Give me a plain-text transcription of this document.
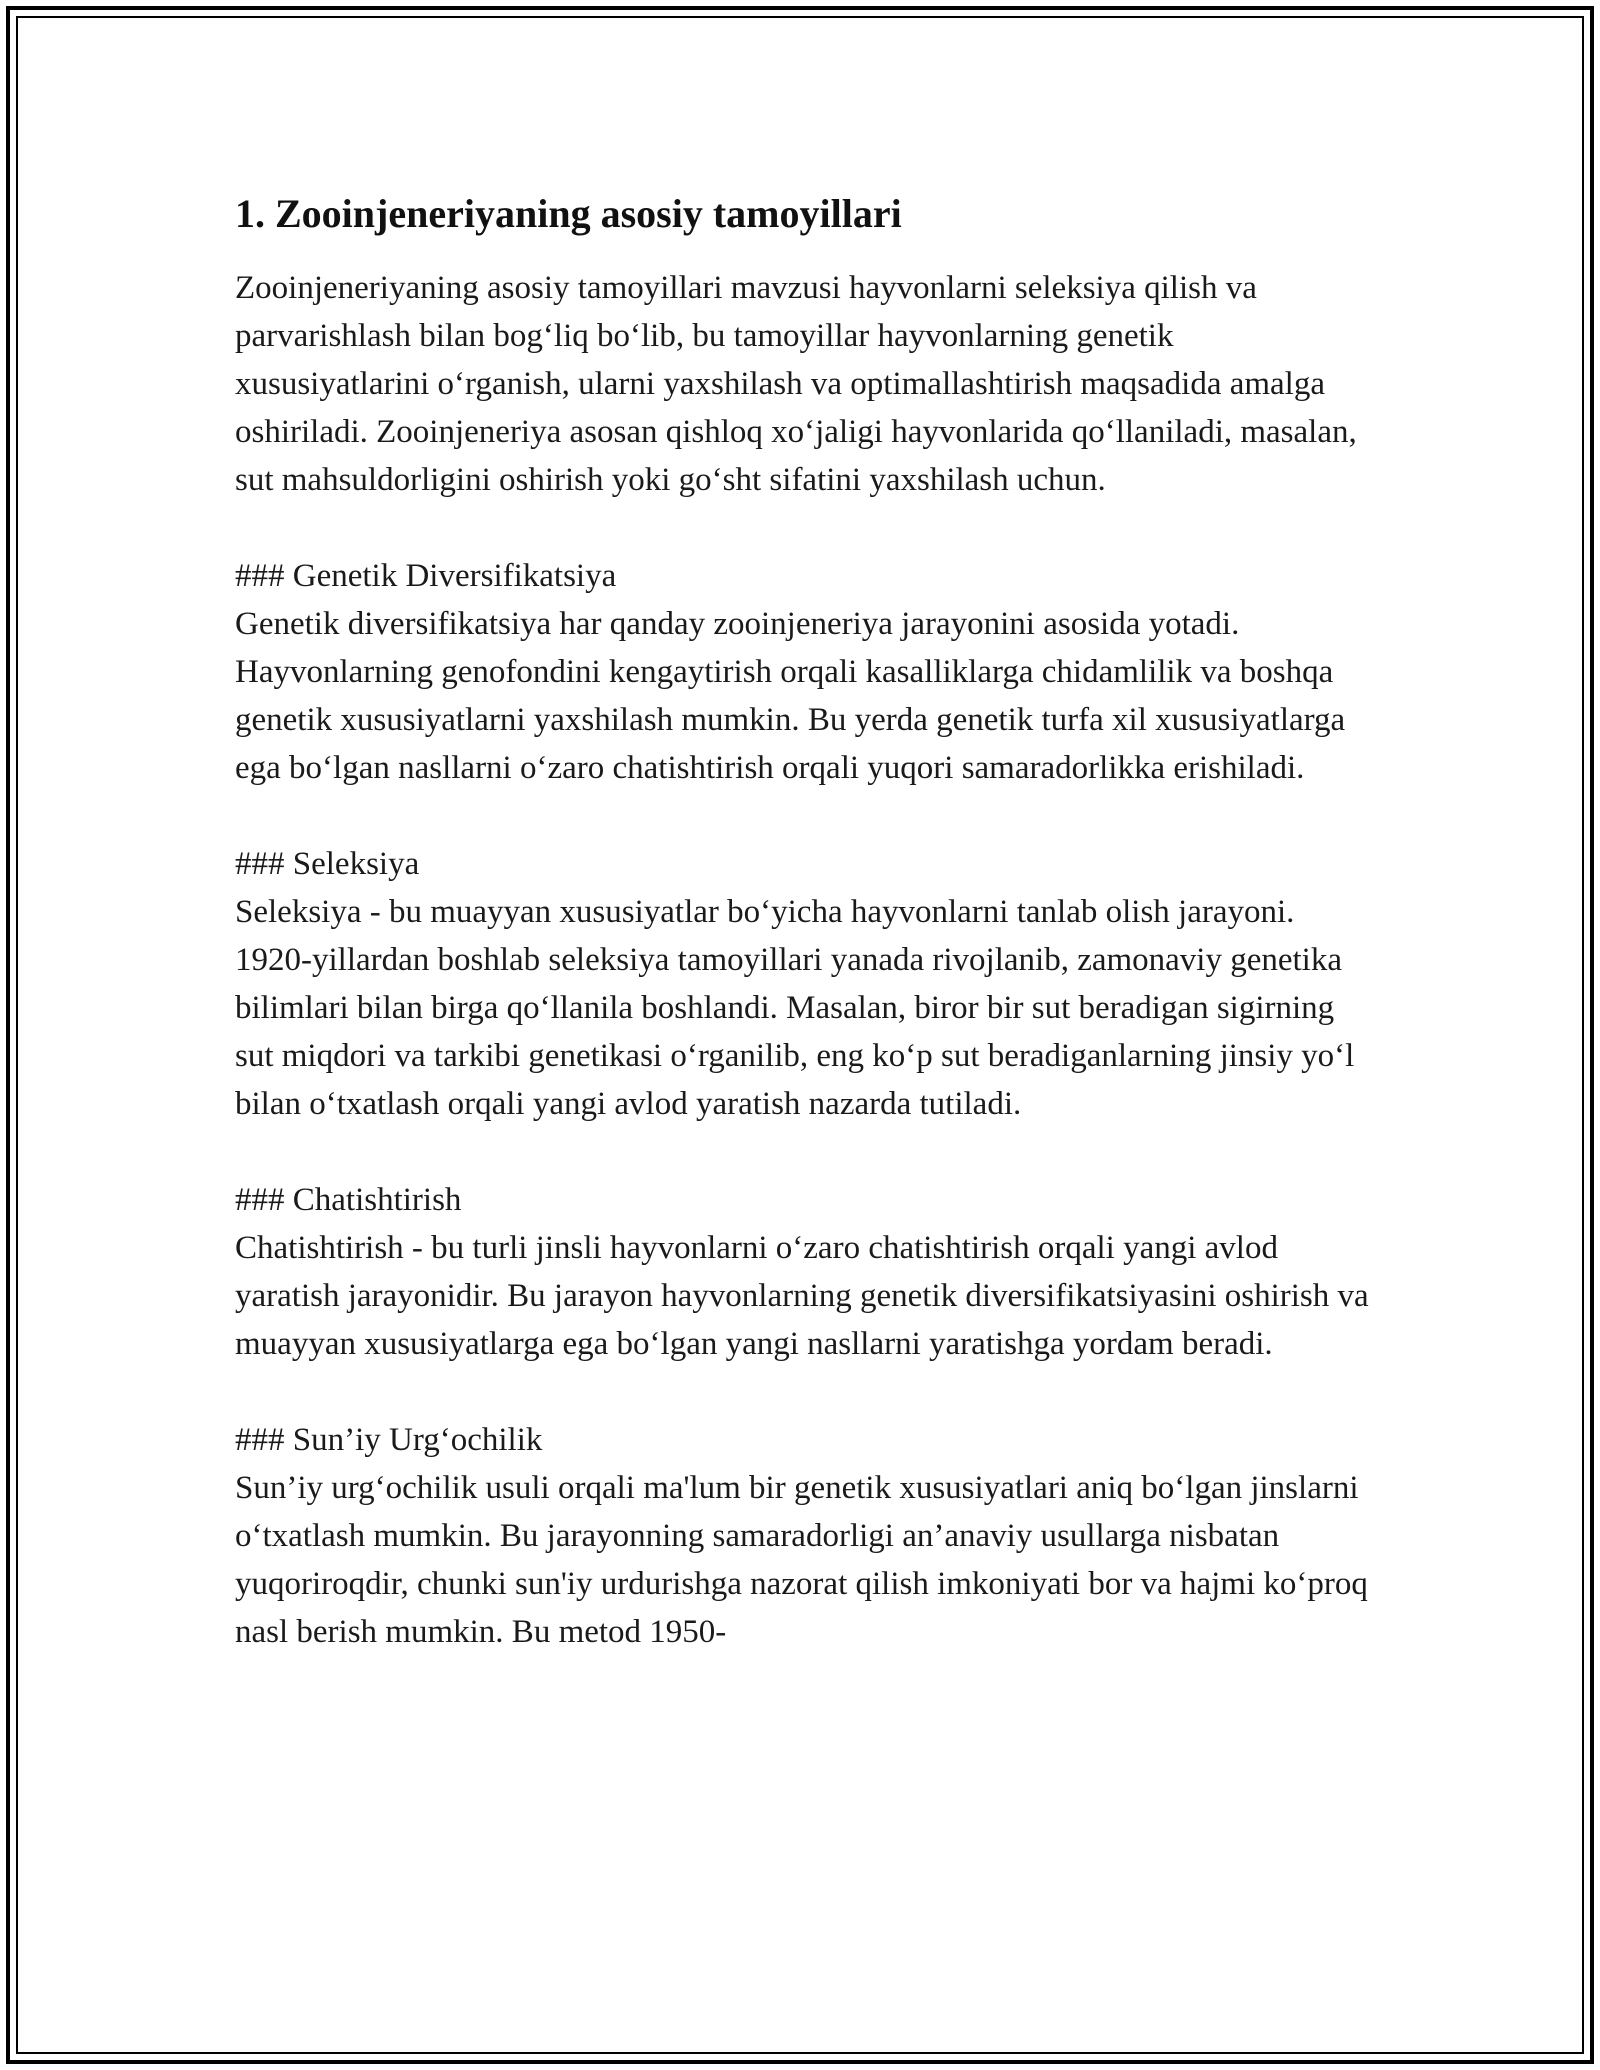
1. Zooinjeneriyaning asosiy tamoyillari

Zooinjeneriyaning asosiy tamoyillari mavzusi hayvonlarni seleksiya qilish va parvarishlash bilan bog‘liq bo‘lib, bu tamoyillar hayvonlarning genetik xususiyatlarini o‘rganish, ularni yaxshilash va optimallashtirish maqsadida amalga oshiriladi. Zooinjeneriya asosan qishloq xo‘jaligi hayvonlarida qo‘llaniladi, masalan, sut mahsuldorligini oshirish yoki go‘sht sifatini yaxshilash uchun.

### Genetik Diversifikatsiya

Genetik diversifikatsiya har qanday zooinjeneriya jarayonini asosida yotadi. Hayvonlarning genofondini kengaytirish orqali kasalliklarga chidamlilik va boshqa genetik xususiyatlarni yaxshilash mumkin. Bu yerda genetik turfa xil xususiyatlarga ega bo‘lgan nasllarni o‘zaro chatishtirish orqali yuqori samaradorlikka erishiladi.

### Seleksiya

Seleksiya - bu muayyan xususiyatlar bo‘yicha hayvonlarni tanlab olish jarayoni. 1920-yillardan boshlab seleksiya tamoyillari yanada rivojlanib, zamonaviy genetika bilimlari bilan birga qo‘llanila boshlandi. Masalan, biror bir sut beradigan sigirning sut miqdori va tarkibi genetikasi o‘rganilib, eng ko‘p sut beradiganlarning jinsiy yo‘l bilan o‘txatlash orqali yangi avlod yaratish nazarda tutiladi.

### Chatishtirish

Chatishtirish - bu turli jinsli hayvonlarni o‘zaro chatishtirish orqali yangi avlod yaratish jarayonidir. Bu jarayon hayvonlarning genetik diversifikatsiyasini oshirish va muayyan xususiyatlarga ega bo‘lgan yangi nasllarni yaratishga yordam beradi.

### Sun’iy Urg‘ochilik

Sun’iy urg‘ochilik usuli orqali ma'lum bir genetik xususiyatlari aniq bo‘lgan jinslarni o‘txatlash mumkin. Bu jarayonning samaradorligi an’anaviy usullarga nisbatan yuqoriroqdir, chunki sun'iy urdurishga nazorat qilish imkoniyati bor va hajmi ko‘proq nasl berish mumkin. Bu metod 1950-
